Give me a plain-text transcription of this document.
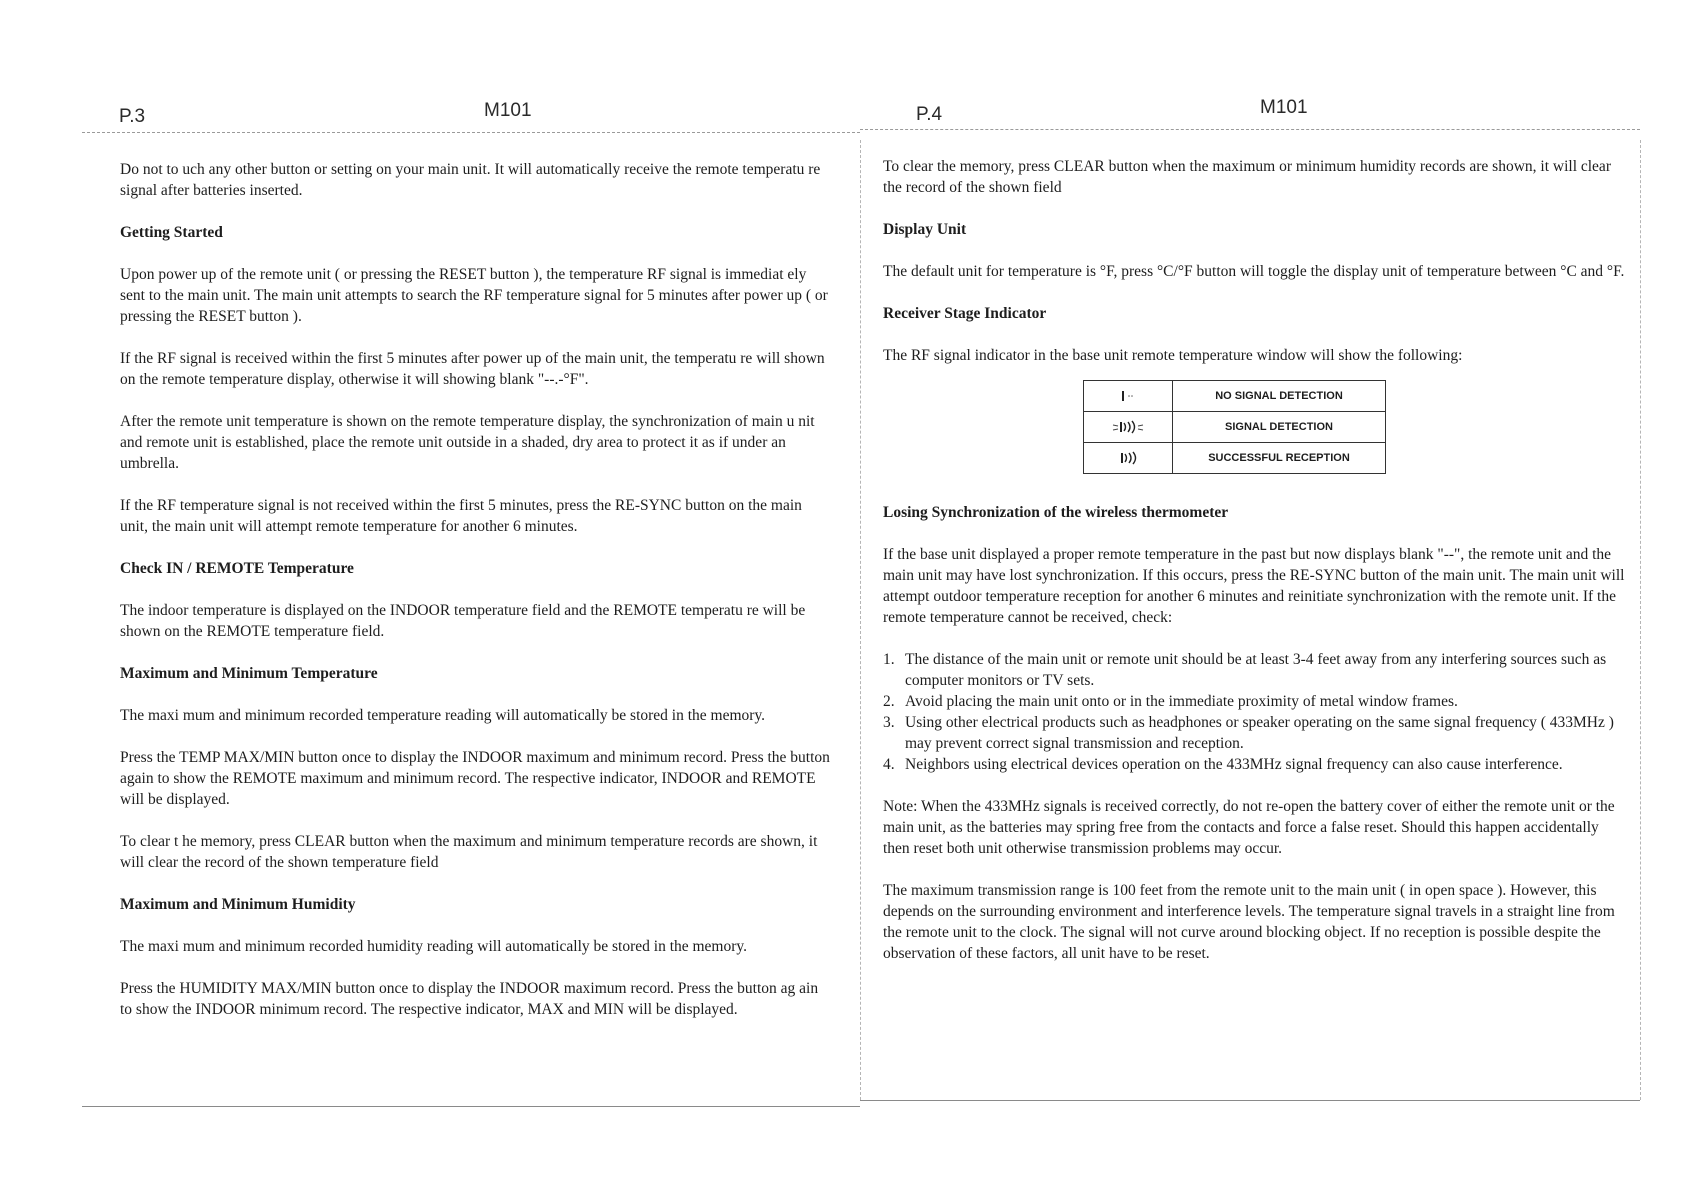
P.3	M101

Do not to uch any other button or setting on your main unit. It will automatically receive the remote temperatu re signal after batteries inserted.

Getting Started

Upon power up of the remote unit ( or pressing the RESET button ), the temperature RF signal is immediat ely sent to the main unit. The main unit attempts to search the RF temperature signal for 5 minutes after power up ( or pressing the RESET button ).

If the RF signal is received within the first 5 minutes after power up of the main unit, the temperatu re will shown on the remote temperature display, otherwise it will showing blank "--.-°F".

After the remote unit temperature is shown on the remote temperature display, the synchronization of main u nit and remote unit is established, place the remote unit outside in a shaded, dry area to protect it as if under an umbrella.

If the RF temperature signal is not received within the first 5 minutes, press the RE-SYNC button on the main unit, the main unit will attempt remote temperature for another 6 minutes.

Check IN / REMOTE Temperature

The indoor temperature is displayed on the INDOOR temperature field and the REMOTE temperatu re will be shown on the REMOTE temperature field.

Maximum and Minimum Temperature

The maxi mum and minimum recorded temperature reading will automatically be stored in the memory.

Press the TEMP MAX/MIN button once to display the INDOOR maximum and minimum record. Press the button again to show the REMOTE maximum and minimum record. The respective indicator, INDOOR and REMOTE will be displayed.

To clear t he memory, press CLEAR button when the maximum and minimum temperature records are shown, it will clear the record of the shown temperature field

Maximum and Minimum Humidity

The maxi mum and minimum recorded humidity reading will automatically be stored in the memory.

Press the HUMIDITY MAX/MIN button once to display the INDOOR maximum record. Press the button ag ain to show the INDOOR minimum record. The respective indicator, MAX and MIN will be displayed.

P.4	M101

To clear the memory, press CLEAR button when the maximum or minimum humidity records are shown, it will clear the record of the shown field

Display Unit

The default unit for temperature is °F, press °C/°F button will toggle the display unit of temperature between °C and °F.

Receiver Stage Indicator

The RF signal indicator in the base unit remote temperature window will show the following:

	NO SIGNAL DETECTION

	SIGNAL DETECTION

	SUCCESSFUL RECEPTION
Losing Synchronization of the wireless thermometer

If the base unit displayed a proper remote temperature in the past but now displays blank "--", the remote unit and the main unit may have lost synchronization. If this occurs, press the RE-SYNC button of the main unit. The main unit will attempt outdoor temperature reception for another 6 minutes and reinitiate synchronization with the remote unit. If the remote temperature cannot be received, check:

1. The distance of the main unit or remote unit should be at least 3-4 feet away from any interfering sources such as computer monitors or TV sets.
2. Avoid placing the main unit onto or in the immediate proximity of metal window frames.
3. Using other electrical products such as headphones or speaker operating on the same signal frequency ( 433MHz ) may prevent correct signal transmission and reception.
4. Neighbors using electrical devices operation on the 433MHz signal frequency can also cause interference.

Note: When the 433MHz signals is received correctly, do not re-open the battery cover of either the remote unit or the main unit, as the batteries may spring free from the contacts and force a false reset. Should this happen accidentally then reset both unit otherwise transmission problems may occur.

The maximum transmission range is 100 feet from the remote unit to the main unit ( in open space ). However, this depends on the surrounding environment and interference levels. The temperature signal travels in a straight line from the remote unit to the clock. The signal will not curve around blocking object. If no reception is possible despite the observation of these factors, all unit have to be reset.
